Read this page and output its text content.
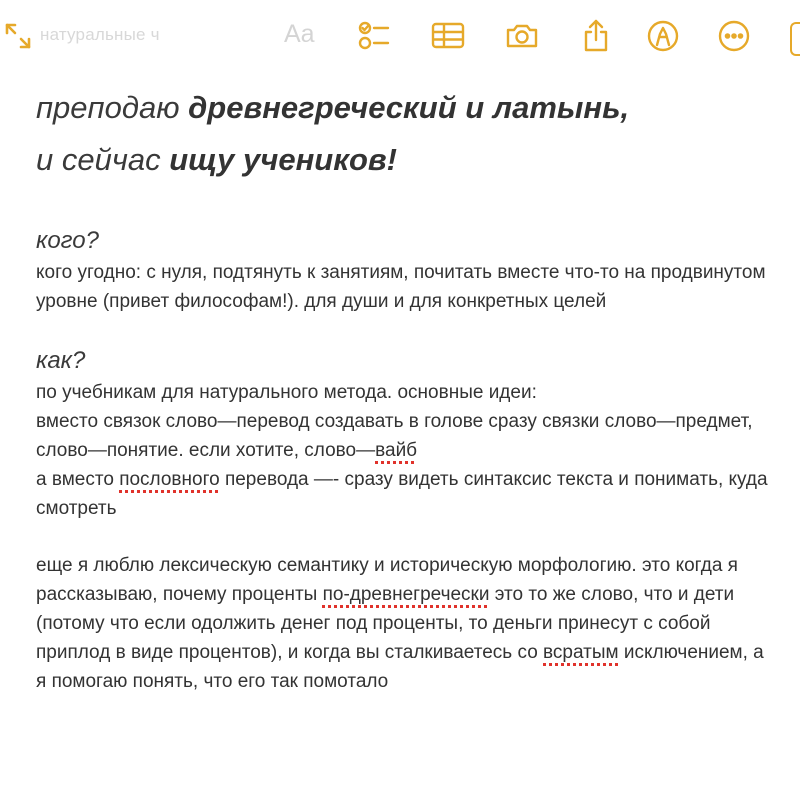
натуральные ч	Aa

преподаю древнегреческий и латынь,
и сейчас ищу учеников!

кого?

кого угодно: с нуля, подтянуть к занятиям, почитать вместе что-то на продвинутом уровне (привет философам!). для души и для конкретных целей

как?

по учебникам для натурального метода. основные идеи:
вместо связок слово—перевод создавать в голове сразу связки слово—предмет, слово—понятие. если хотите, слово—вайб
а вместо пословного перевода —- сразу видеть синтаксис текста и понимать, куда смотреть

еще я люблю лексическую семантику и историческую морфологию. это когда я рассказываю, почему проценты по-древнегречески это то же слово, что и дети (потому что если одолжить денег под проценты, то деньги принесут с собой приплод в виде процентов), и когда вы сталкиваетесь со всратым исключением, а я помогаю понять, что его так помотало
